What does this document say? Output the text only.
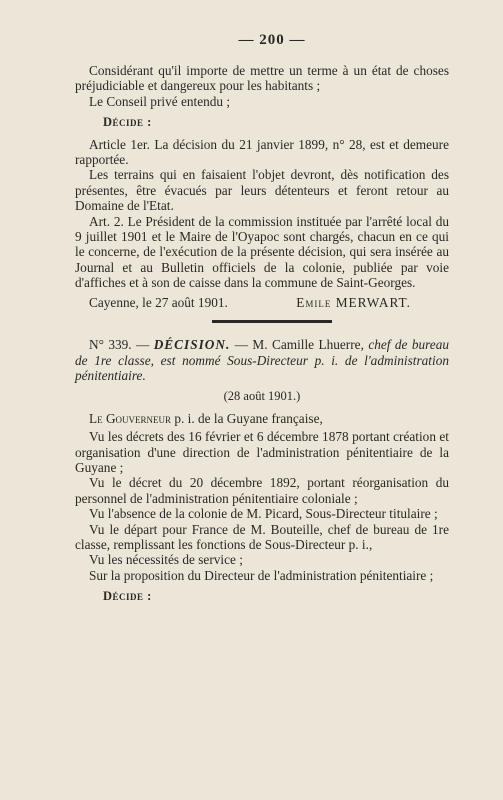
— 200 —

Considérant qu'il importe de mettre un terme à un état de choses préjudiciable et dangereux pour les habitants ;

Le Conseil privé entendu ;

Décide :

Article 1er. La décision du 21 janvier 1899, n° 28, est et demeure rapportée.

Les terrains qui en faisaient l'objet devront, dès notification des présentes, être évacués par leurs détenteurs et feront retour au Domaine de l'Etat.

Art. 2. Le Président de la commission instituée par l'arrêté local du 9 juillet 1901 et le Maire de l'Oyapoc sont chargés, chacun en ce qui le concerne, de l'exécution de la présente décision, qui sera insérée au Journal et au Bulletin officiels de la colonie, publiée par voie d'affiches et à son de caisse dans la commune de Saint-Georges.

Cayenne, le 27 août 1901.	Emile MERWART.

N° 339. — DÉCISION. — M. Camille Lhuerre, chef de bureau de 1re classe, est nommé Sous-Directeur p. i. de l'administration pénitentiaire.

(28 août 1901.)

Le Gouverneur p. i. de la Guyane française,

Vu les décrets des 16 février et 6 décembre 1878 portant création et organisation d'une direction de l'administration pénitentiaire de la Guyane ;

Vu le décret du 20 décembre 1892, portant réorganisation du personnel de l'administration pénitentiaire coloniale ;

Vu l'absence de la colonie de M. Picard, Sous-Directeur titulaire ;

Vu le départ pour France de M. Bouteille, chef de bureau de 1re classe, remplissant les fonctions de Sous-Directeur p. i.,

Vu les nécessités de service ;

Sur la proposition du Directeur de l'administration pénitentiaire ;

Décide :
